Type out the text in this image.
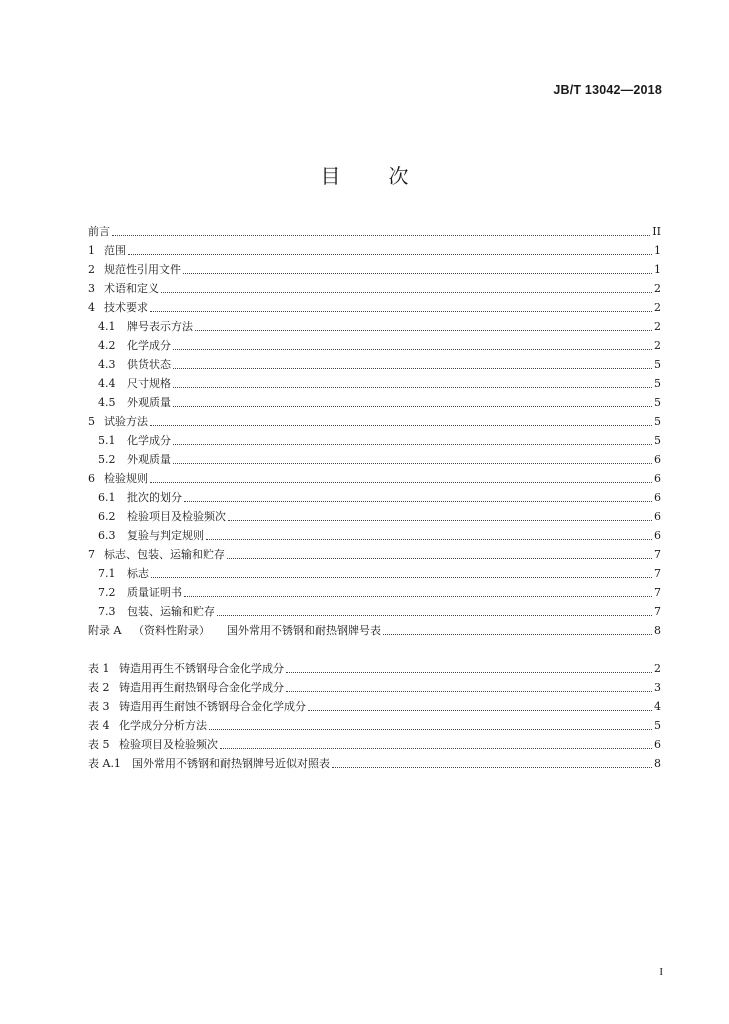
JB/T 13042—2018
目 次
前言	II
1 范围	1
2 规范性引用文件	1
3 术语和定义	2
4 技术要求	2
4.1	牌号表示方法	2
4.2	化学成分	2
4.3	供货状态	5
4.4	尺寸规格	5
4.5	外观质量	5
5 试验方法	5
5.1	化学成分	5
5.2	外观质量	6
6 检验规则	6
6.1	批次的划分	6
6.2	检验项目及检验频次	6
6.3	复验与判定规则	6
7 标志、包装、运输和贮存	7
7.1	标志	7
7.2	质量证明书	7
7.3	包装、运输和贮存	7
附录 A	（资料性附录）	国外常用不锈钢和耐热钢牌号表	8
表 1 铸造用再生不锈钢母合金化学成分	2
表 2 铸造用再生耐热钢母合金化学成分	3
表 3 铸造用再生耐蚀不锈钢母合金化学成分	4
表 4 化学成分分析方法	5
表 5 检验项目及检验频次	6
表 A.1	国外常用不锈钢和耐热钢牌号近似对照表	8
I
